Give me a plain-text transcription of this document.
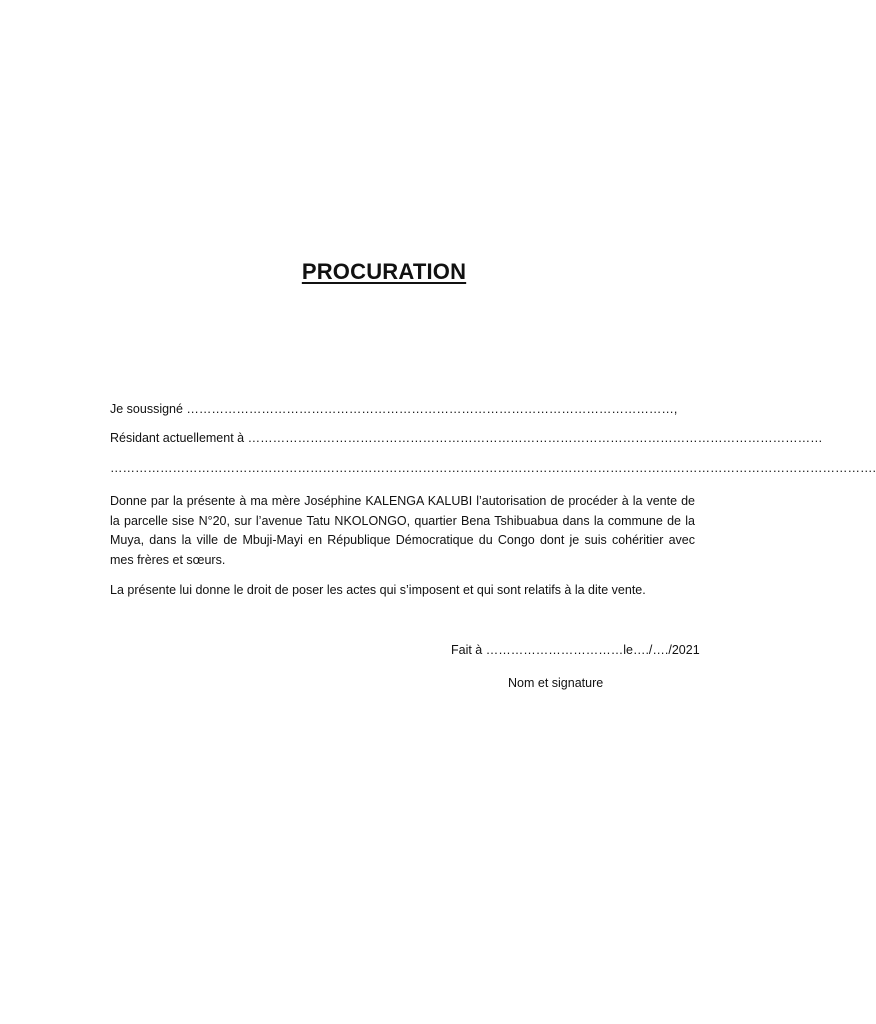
PROCURATION
Je soussigné ………………………………………………………………………………………………………,
Résidant actuellement à …………………………………………………………………………………………………………………………
………………………………………………………………………………………………………………………………………………………………….
Donne par la présente à ma mère Joséphine KALENGA KALUBI l’autorisation de procéder à la vente de la parcelle sise N°20, sur l’avenue Tatu NKOLONGO, quartier Bena Tshibuabua dans la commune de la Muya, dans la ville de Mbuji-Mayi en République Démocratique du Congo dont je suis cohéritier avec mes frères et sœurs.
La présente lui donne le droit de poser les actes qui s’imposent et qui sont relatifs à la dite vente.
Fait à ……………………………le…./…./2021
Nom et signature
